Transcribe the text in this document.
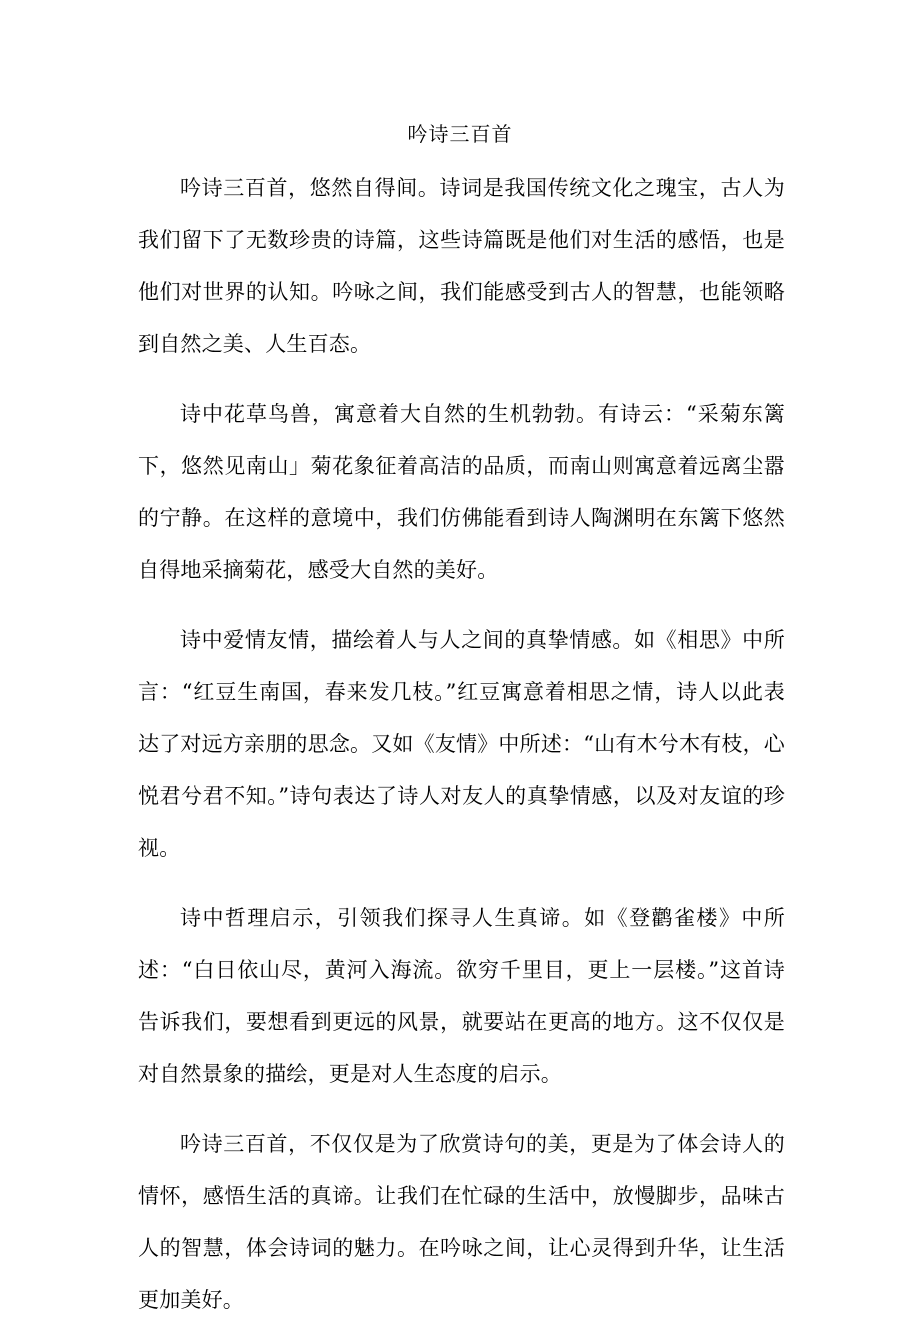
吟诗三百首

吟诗三百首，悠然自得间。诗词是我国传统文化之瑰宝，古人为我们留下了无数珍贵的诗篇，这些诗篇既是他们对生活的感悟，也是他们对世界的认知。吟咏之间，我们能感受到古人的智慧，也能领略到自然之美、人生百态。

诗中花草鸟兽，寓意着大自然的生机勃勃。有诗云：“采菊东篱下，悠然见南山」菊花象征着高洁的品质，而南山则寓意着远离尘嚣的宁静。在这样的意境中，我们仿佛能看到诗人陶渊明在东篱下悠然自得地采摘菊花，感受大自然的美好。

诗中爱情友情，描绘着人与人之间的真挚情感。如《相思》中所言：“红豆生南国，春来发几枝。”红豆寓意着相思之情，诗人以此表达了对远方亲朋的思念。又如《友情》中所述：“山有木兮木有枝，心悦君兮君不知。”诗句表达了诗人对友人的真挚情感，以及对友谊的珍视。

诗中哲理启示，引领我们探寻人生真谛。如《登鹳雀楼》中所述：“白日依山尽，黄河入海流。欲穷千里目，更上一层楼。”这首诗告诉我们，要想看到更远的风景，就要站在更高的地方。这不仅仅是对自然景象的描绘，更是对人生态度的启示。

吟诗三百首，不仅仅是为了欣赏诗句的美，更是为了体会诗人的情怀，感悟生活的真谛。让我们在忙碌的生活中，放慢脚步，品味古人的智慧，体会诗词的魅力。在吟咏之间，让心灵得到升华，让生活更加美好。
